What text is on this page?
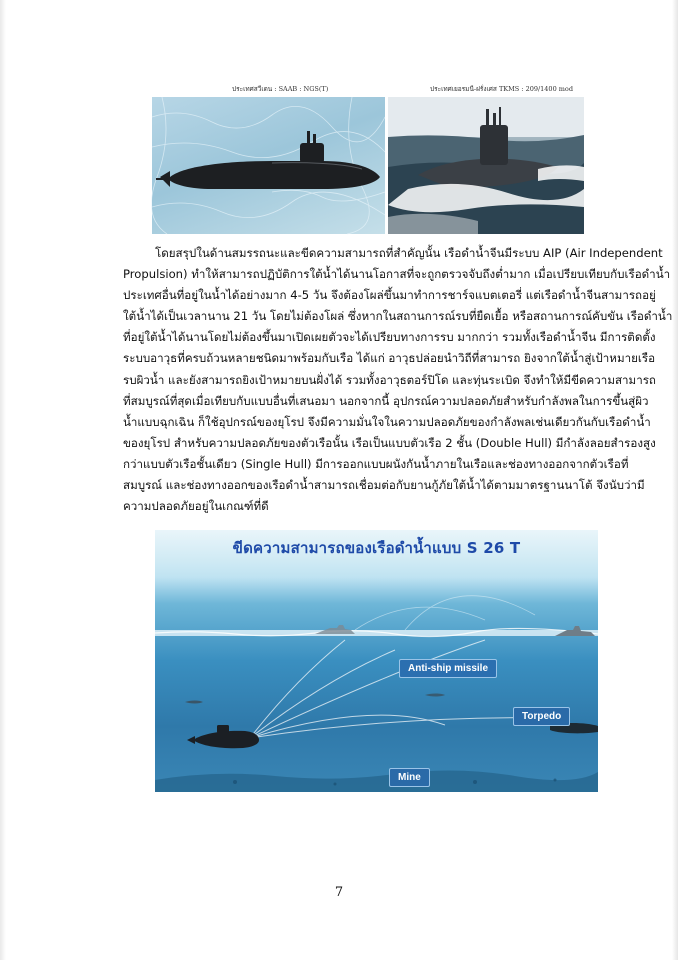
ประเทศสวีเดน : SAAB : NGS(T)	ประเทศเยอรมนี-ฝรั่งเศส TKMS : 209/1400 mod
โดยสรุปในด้านสมรรถนะและขีดความสามารถที่สำคัญนั้น เรือดำน้ำจีนมีระบบ AIP (Air Independent
Propulsion) ทำให้สามารถปฏิบัติการใต้น้ำได้นานโอกาสที่จะถูกตรวจจับถึงต่ำมาก เมื่อเปรียบเทียบกับเรือดำน้ำ
ประเทศอื่นที่อยู่ในน้ำได้อย่างมาก 4-5 วัน จึงต้องโผล่ขึ้นมาทำการชาร์จแบตเตอรี่ แต่เรือดำน้ำจีนสามารถอยู่
ใต้น้ำได้เป็นเวลานาน 21 วัน โดยไม่ต้องโผล่ ซึ่งหากในสถานการณ์รบที่ยืดเยื้อ หรือสถานการณ์คับขัน เรือดำน้ำ
ที่อยู่ใต้น้ำได้นานโดยไม่ต้องขึ้นมาเปิดเผยตัวจะได้เปรียบทางการรบ มากกว่า รวมทั้งเรือดำน้ำจีน มีการติดตั้ง
ระบบอาวุธที่ครบถ้วนหลายชนิดมาพร้อมกับเรือ ได้แก่ อาวุธปล่อยนำวิถีที่สามารถ ยิงจากใต้น้ำสู่เป้าหมายเรือ
รบผิวน้ำ และยังสามารถยิงเป้าหมายบนฝั่งได้ รวมทั้งอาวุธตอร์ปิโด และทุ่นระเบิด จึงทำให้มีขีดความสามารถ
ที่สมบูรณ์ที่สุดเมื่อเทียบกับแบบอื่นที่เสนอมา นอกจากนี้ อุปกรณ์ความปลอดภัยสำหรับกำลังพลในการขึ้นสู่ผิว
น้ำแบบฉุกเฉิน ก็ใช้อุปกรณ์ของยุโรป จึงมีความมั่นใจในความปลอดภัยของกำลังพลเช่นเดียวกันกับเรือดำน้ำ
ของยุโรป สำหรับความปลอดภัยของตัวเรือนั้น เรือเป็นแบบตัวเรือ 2 ชั้น (Double Hull) มีกำลังลอยสำรองสูง
กว่าแบบตัวเรือชั้นเดียว (Single Hull) มีการออกแบบผนังกันน้ำภายในเรือและช่องทางออกจากตัวเรือที่
สมบูรณ์ และช่องทางออกของเรือดำน้ำสามารถเชื่อมต่อกับยานกู้ภัยใต้น้ำได้ตามมาตรฐานนาโต้ จึงนับว่ามี
ความปลอดภัยอยู่ในเกณฑ์ที่ดี
ขีดความสามารถของเรือดำน้ำแบบ S 26 T
Anti-ship missile
Torpedo
Mine
7
